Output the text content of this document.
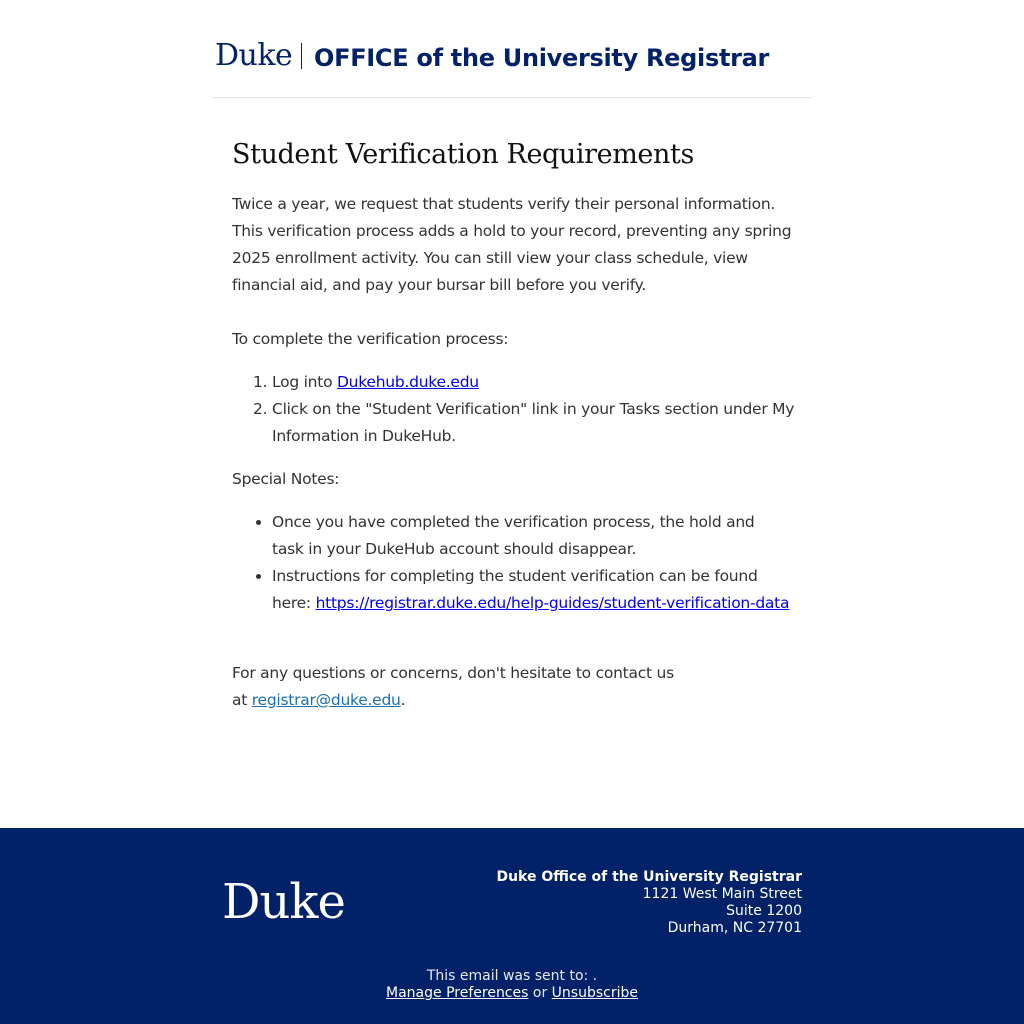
Duke OFFICE of the University Registrar
Student Verification Requirements

Twice a year, we request that students verify their personal information. This verification process adds a hold to your record, preventing any spring 2025 enrollment activity. You can still view your class schedule, view financial aid, and pay your bursar bill before you verify.

To complete the verification process:

1. Log into Dukehub.duke.edu
2. Click on the "Student Verification" link in your Tasks section under My Information in DukeHub.

Special Notes:

• Once you have completed the verification process, the hold and task in your DukeHub account should disappear.
• Instructions for completing the student verification can be found here: https://registrar.duke.edu/help-guides/student-verification-data

For any questions or concerns, don't hesitate to contact us at registrar@duke.edu.

Duke	Duke Office of the University Registrar
1121 West Main Street
Suite 1200
Durham, NC 27701
This email was sent to: .
Manage Preferences or Unsubscribe
